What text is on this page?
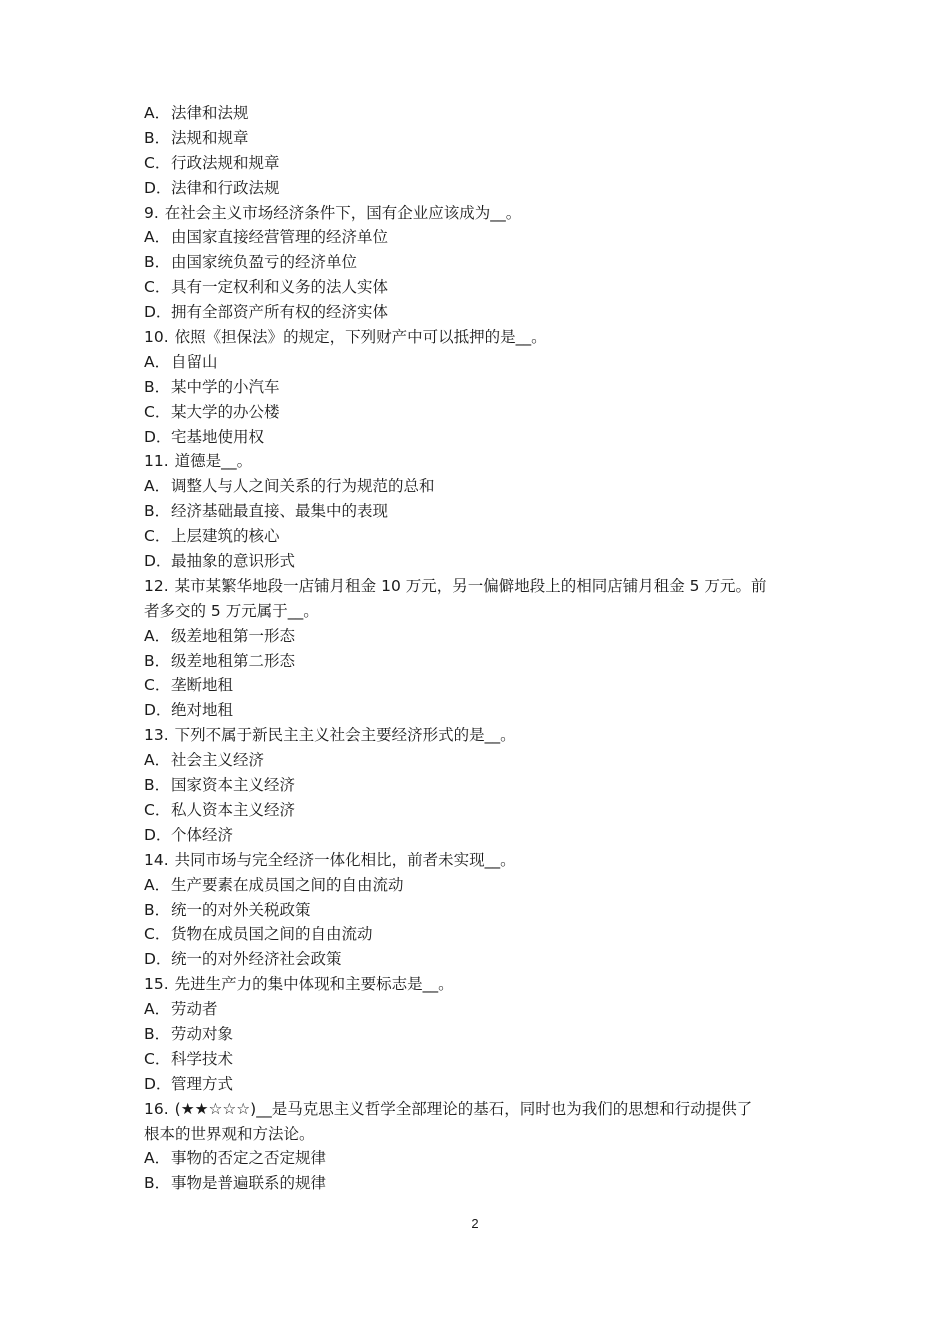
A．法律和法规
B．法规和规章
C．行政法规和规章
D．法律和行政法规
9. 在社会主义市场经济条件下，国有企业应该成为__。
A．由国家直接经营管理的经济单位
B．由国家统负盈亏的经济单位
C．具有一定权利和义务的法人实体
D．拥有全部资产所有权的经济实体
10. 依照《担保法》的规定，下列财产中可以抵押的是__。
A．自留山
B．某中学的小汽车
C．某大学的办公楼
D．宅基地使用权
11. 道德是__。
A．调整人与人之间关系的行为规范的总和
B．经济基础最直接、最集中的表现
C．上层建筑的核心
D．最抽象的意识形式
12. 某市某繁华地段一店铺月租金 10 万元，另一偏僻地段上的相同店铺月租金 5 万元。前
者多交的 5 万元属于__。
A．级差地租第一形态
B．级差地租第二形态
C．垄断地租
D．绝对地租
13. 下列不属于新民主主义社会主要经济形式的是__。
A．社会主义经济
B．国家资本主义经济
C．私人资本主义经济
D．个体经济
14. 共同市场与完全经济一体化相比，前者未实现__。
A．生产要素在成员国之间的自由流动
B．统一的对外关税政策
C．货物在成员国之间的自由流动
D．统一的对外经济社会政策
15. 先进生产力的集中体现和主要标志是__。
A．劳动者
B．劳动对象
C．科学技术
D．管理方式
16. (★★☆☆☆)__是马克思主义哲学全部理论的基石，同时也为我们的思想和行动提供了
根本的世界观和方法论。
A．事物的否定之否定规律
B．事物是普遍联系的规律
2
